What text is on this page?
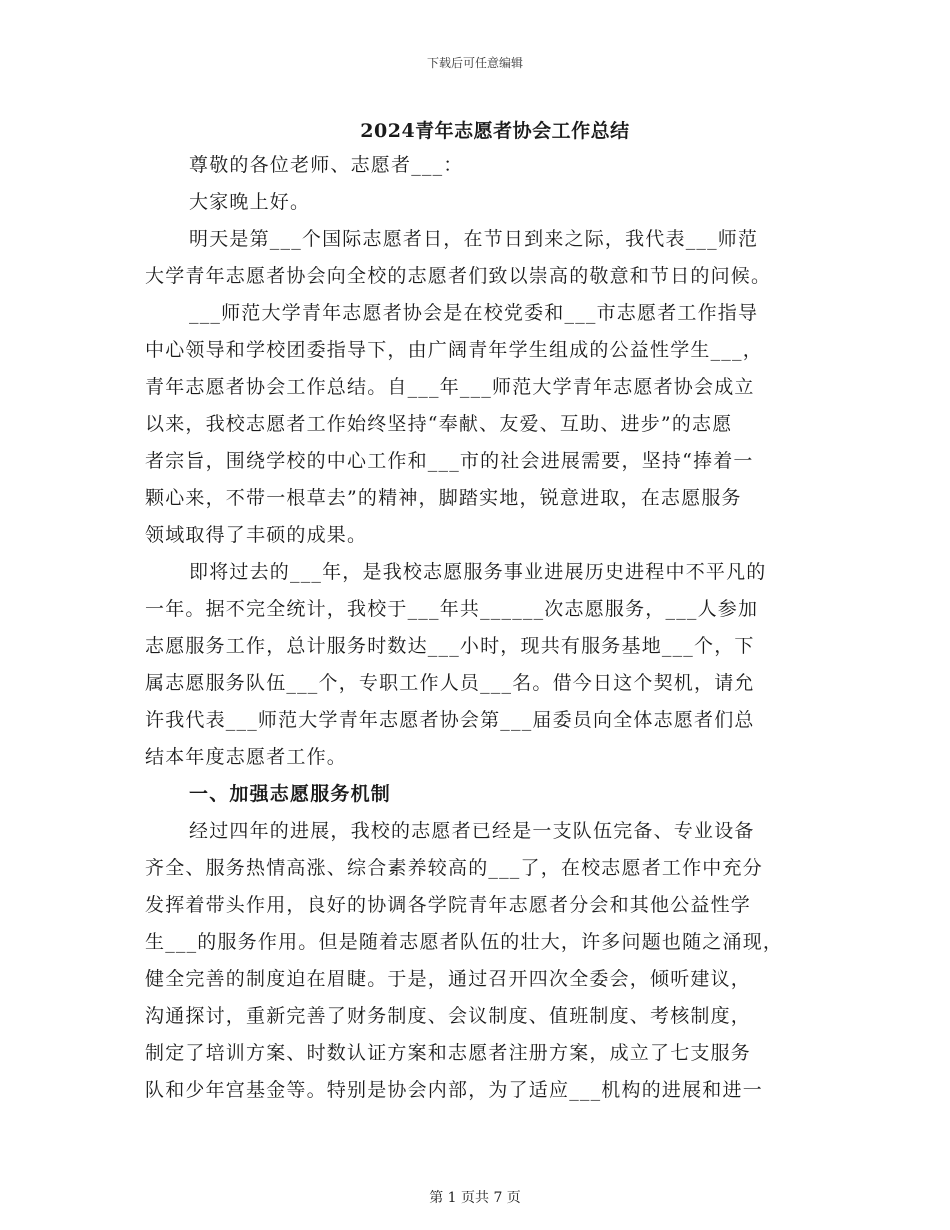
下载后可任意编辑
2024青年志愿者协会工作总结
尊敬的各位老师、志愿者___：
大家晚上好。
明天是第___个国际志愿者日，在节日到来之际，我代表___师范
大学青年志愿者协会向全校的志愿者们致以崇高的敬意和节日的问候。
___师范大学青年志愿者协会是在校党委和___市志愿者工作指导
中心领导和学校团委指导下，由广阔青年学生组成的公益性学生___，
青年志愿者协会工作总结。自___年___师范大学青年志愿者协会成立
以来，我校志愿者工作始终坚持“奉献、友爱、互助、进步”的志愿
者宗旨，围绕学校的中心工作和___市的社会进展需要，坚持“捧着一
颗心来，不带一根草去”的精神，脚踏实地，锐意进取，在志愿服务
领域取得了丰硕的成果。
即将过去的___年，是我校志愿服务事业进展历史进程中不平凡的
一年。据不完全统计，我校于___年共______次志愿服务，___人参加
志愿服务工作，总计服务时数达___小时，现共有服务基地___个，下
属志愿服务队伍___个，专职工作人员___名。借今日这个契机，请允
许我代表___师范大学青年志愿者协会第___届委员向全体志愿者们总
结本年度志愿者工作。
一、加强志愿服务机制
经过四年的进展，我校的志愿者已经是一支队伍完备、专业设备
齐全、服务热情高涨、综合素养较高的___了，在校志愿者工作中充分
发挥着带头作用，良好的协调各学院青年志愿者分会和其他公益性学
生___的服务作用。但是随着志愿者队伍的壮大，许多问题也随之涌现，
健全完善的制度迫在眉睫。于是，通过召开四次全委会，倾听建议，
沟通探讨，重新完善了财务制度、会议制度、值班制度、考核制度，
制定了培训方案、时数认证方案和志愿者注册方案，成立了七支服务
队和少年宫基金等。特别是协会内部，为了适应___机构的进展和进一
第 1 页共 7 页
